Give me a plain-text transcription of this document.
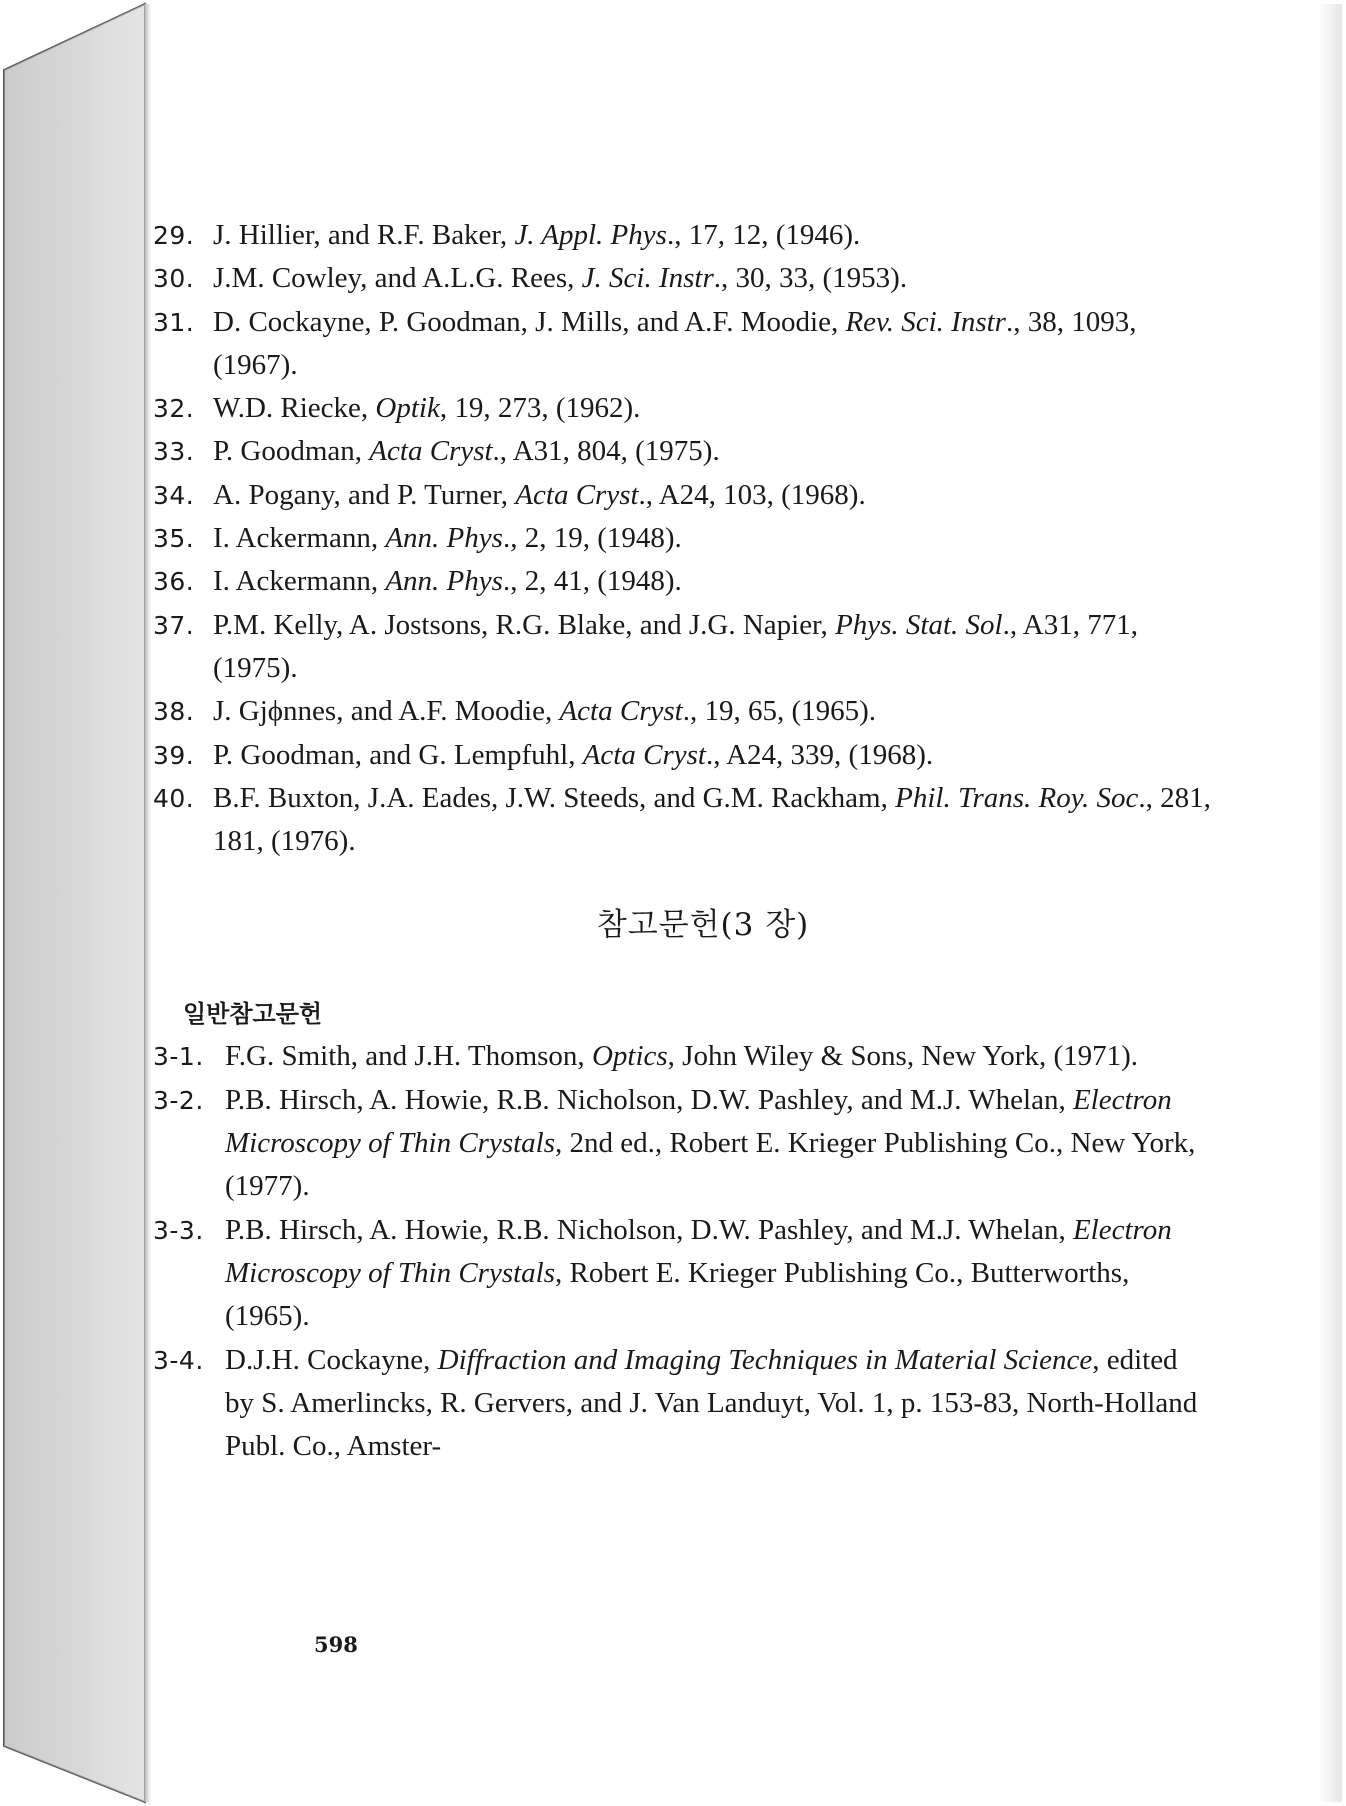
29. J. Hillier, and R.F. Baker, J. Appl. Phys., 17, 12, (1946).
30. J.M. Cowley, and A.L.G. Rees, J. Sci. Instr., 30, 33, (1953).
31. D. Cockayne, P. Goodman, J. Mills, and A.F. Moodie, Rev. Sci. Instr., 38, 1093, (1967).
32. W.D. Riecke, Optik, 19, 273, (1962).
33. P. Goodman, Acta Cryst., A31, 804, (1975).
34. A. Pogany, and P. Turner, Acta Cryst., A24, 103, (1968).
35. I. Ackermann, Ann. Phys., 2, 19, (1948).
36. I. Ackermann, Ann. Phys., 2, 41, (1948).
37. P.M. Kelly, A. Jostsons, R.G. Blake, and J.G. Napier, Phys. Stat. Sol., A31, 771, (1975).
38. J. Gjϕnnes, and A.F. Moodie, Acta Cryst., 19, 65, (1965).
39. P. Goodman, and G. Lempfuhl, Acta Cryst., A24, 339, (1968).
40. B.F. Buxton, J.A. Eades, J.W. Steeds, and G.M. Rackham, Phil. Trans. Roy. Soc., 281, 181, (1976).
참고문헌(3 장)
일반참고문헌
3-1. F.G. Smith, and J.H. Thomson, Optics, John Wiley & Sons, New York, (1971).
3-2. P.B. Hirsch, A. Howie, R.B. Nicholson, D.W. Pashley, and M.J. Whelan, Electron Microscopy of Thin Crystals, 2nd ed., Robert E. Krieger Publishing Co., New York, (1977).
3-3. P.B. Hirsch, A. Howie, R.B. Nicholson, D.W. Pashley, and M.J. Whelan, Electron Microscopy of Thin Crystals, Robert E. Krieger Publishing Co., Butterworths, (1965).
3-4. D.J.H. Cockayne, Diffraction and Imaging Techniques in Material Science, edited by S. Amerlincks, R. Gervers, and J. Van Landuyt, Vol. 1, p. 153-83, North-Holland Publ. Co., Amster-
598
